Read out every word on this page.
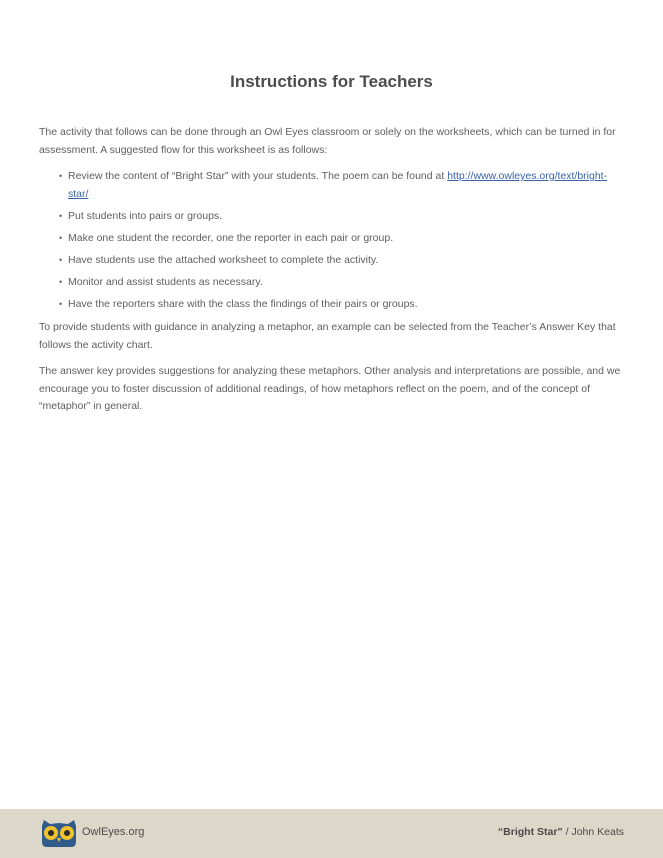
Instructions for Teachers

The activity that follows can be done through an Owl Eyes classroom or solely on the worksheets, which can be turned in for assessment. A suggested flow for this worksheet is as follows:

• Review the content of “Bright Star” with your students. The poem can be found at http://www.owleyes.org/text/bright-star/
• Put students into pairs or groups.
• Make one student the recorder, one the reporter in each pair or group.
• Have students use the attached worksheet to complete the activity.
• Monitor and assist students as necessary.
• Have the reporters share with the class the findings of their pairs or groups.

To provide students with guidance in analyzing a metaphor, an example can be selected from the Teacher’s Answer Key that follows the activity chart.

The answer key provides suggestions for analyzing these metaphors. Other analysis and interpretations are possible, and we encourage you to foster discussion of additional readings, of how metaphors reflect on the poem, and of the concept of “metaphor” in general.

OwlEyes.org	“Bright Star” / John Keats
